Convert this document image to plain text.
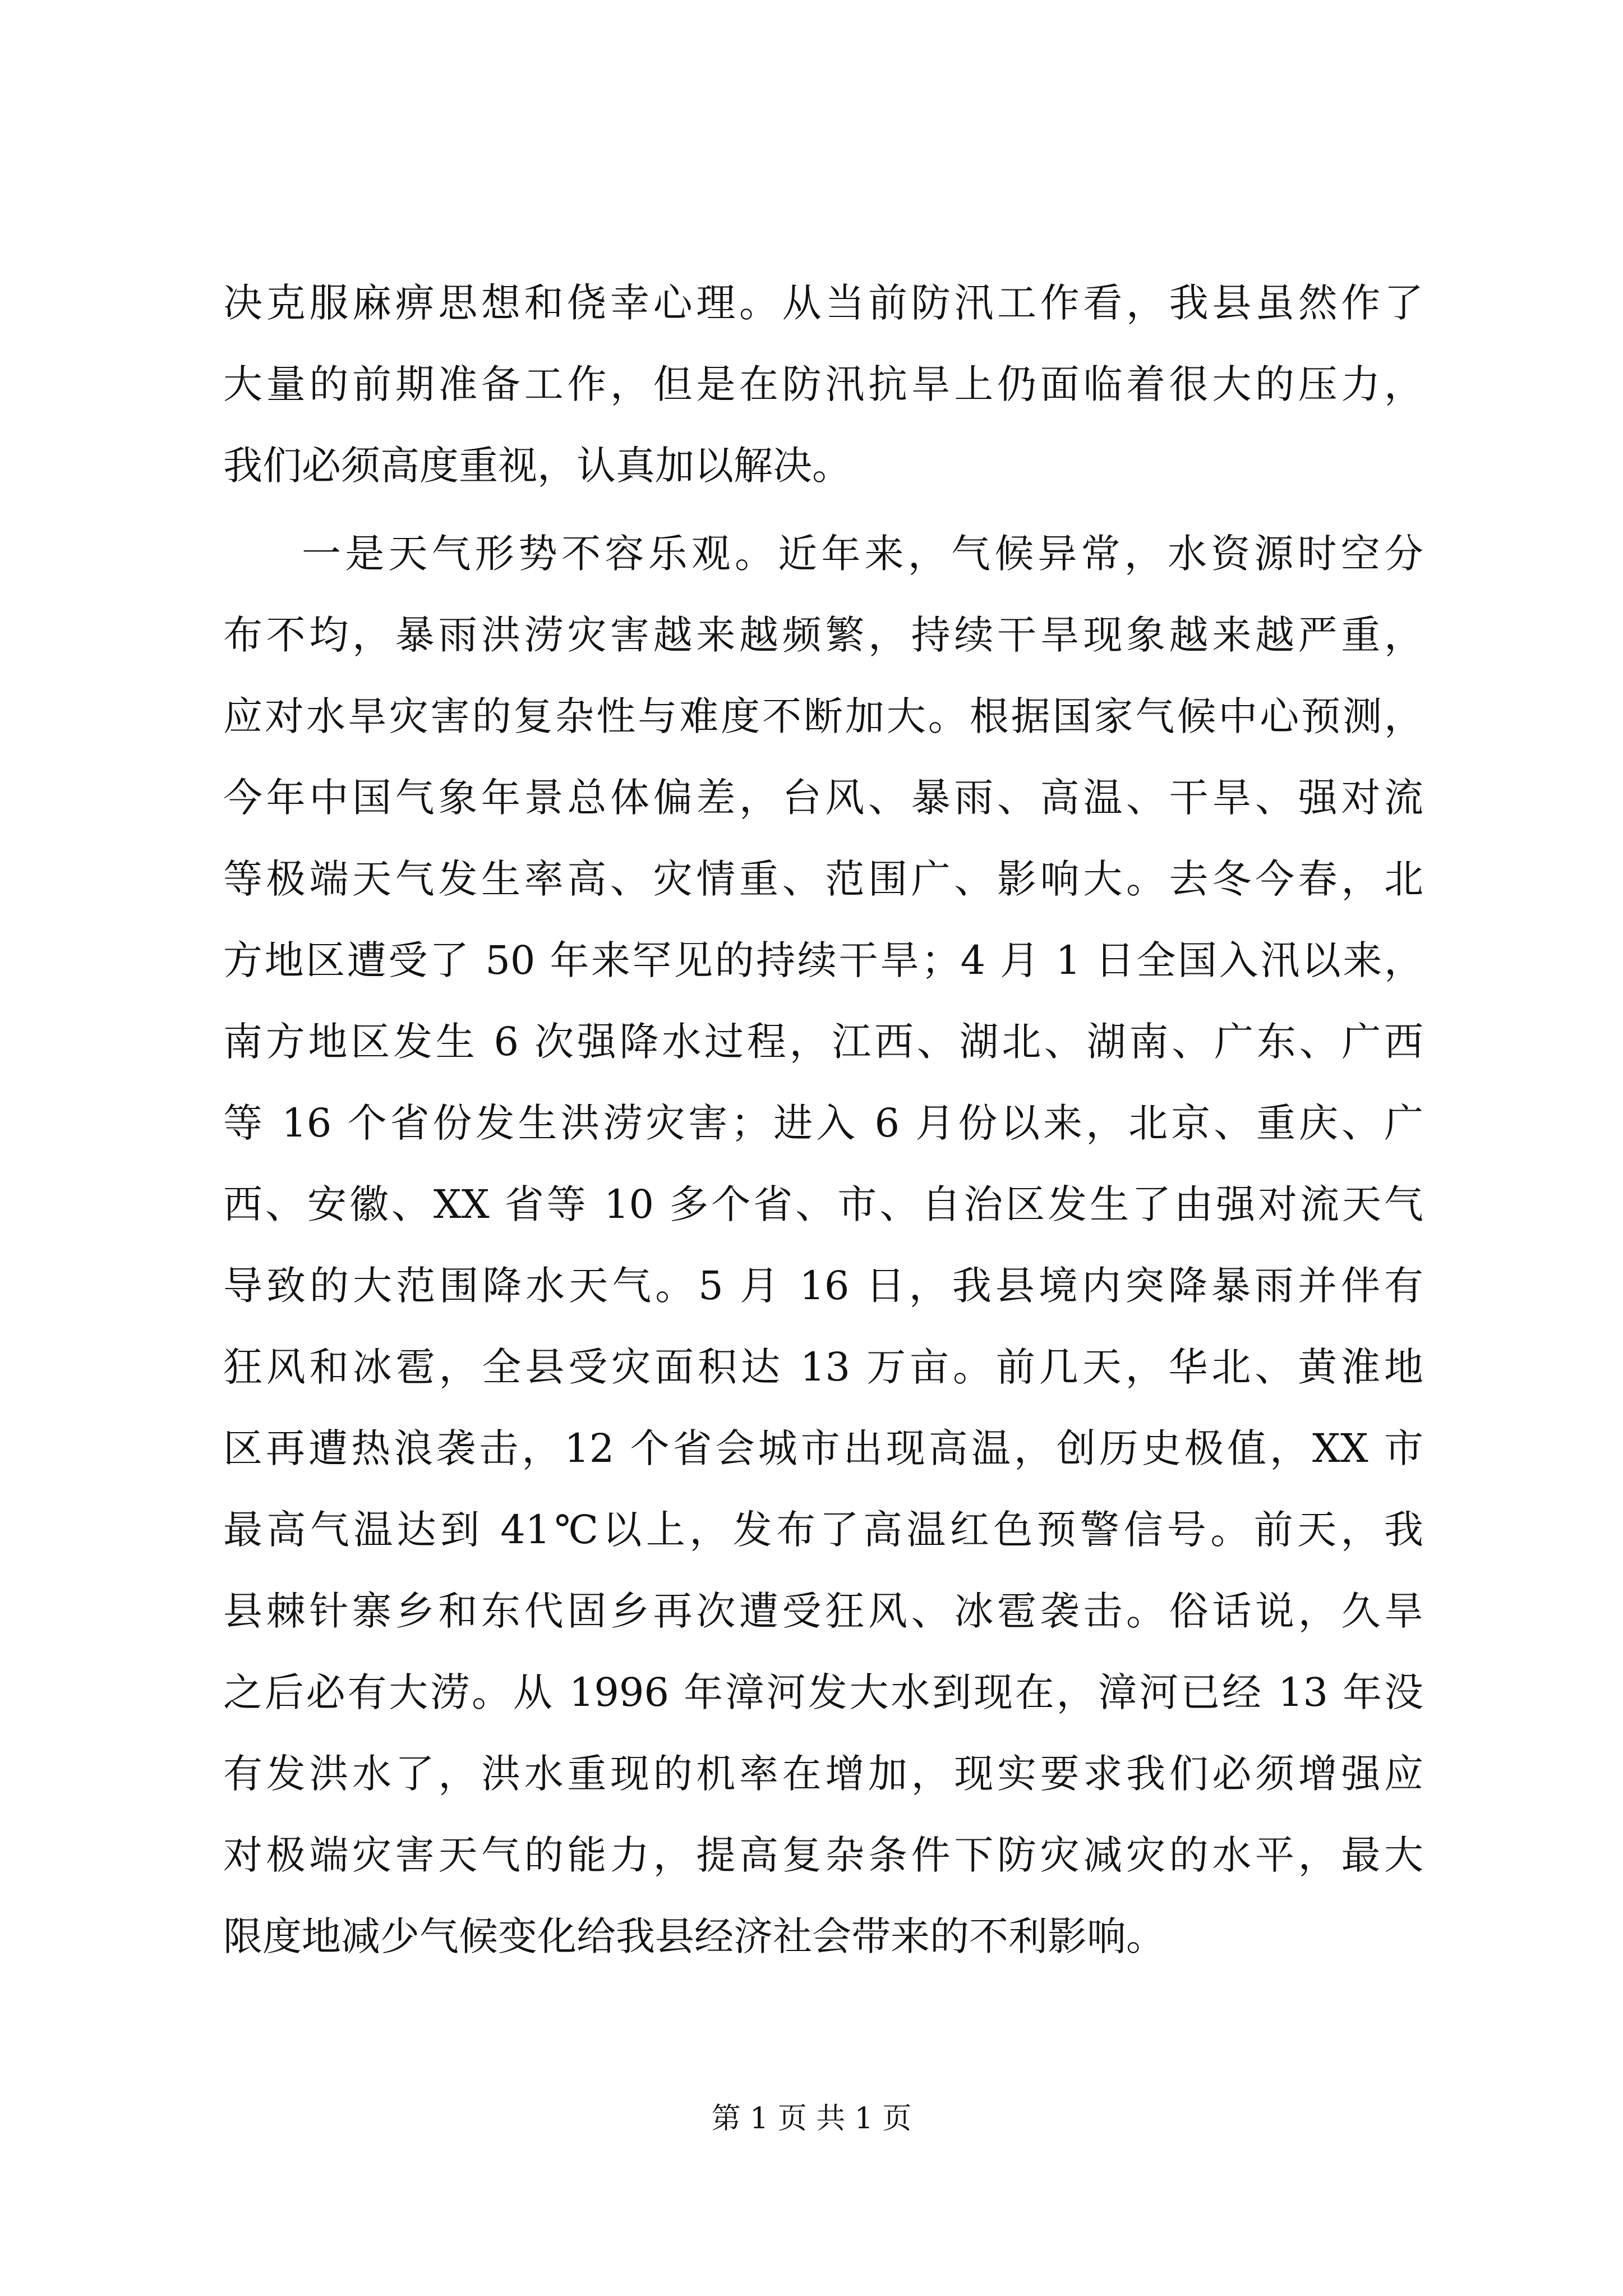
决克服麻痹思想和侥幸心理。从当前防汛工作看，我县虽然作了
大量的前期准备工作，但是在防汛抗旱上仍面临着很大的压力，
我们必须高度重视，认真加以解决。
一是天气形势不容乐观。近年来，气候异常，水资源时空分
布不均，暴雨洪涝灾害越来越频繁，持续干旱现象越来越严重，
应对水旱灾害的复杂性与难度不断加大。根据国家气候中心预测，
今年中国气象年景总体偏差，台风、暴雨、高温、干旱、强对流
等极端天气发生率高、灾情重、范围广、影响大。去冬今春，北
方地区遭受了 50 年来罕见的持续干旱；4 月 1 日全国入汛以来，
南方地区发生 6 次强降水过程，江西、湖北、湖南、广东、广西
等 16 个省份发生洪涝灾害；进入 6 月份以来，北京、重庆、广
西、安徽、XX 省等 10 多个省、市、自治区发生了由强对流天气
导致的大范围降水天气。5 月 16 日，我县境内突降暴雨并伴有
狂风和冰雹，全县受灾面积达 13 万亩。前几天，华北、黄淮地
区再遭热浪袭击，12 个省会城市出现高温，创历史极值，XX 市
最高气温达到 41℃以上，发布了高温红色预警信号。前天，我
县棘针寨乡和东代固乡再次遭受狂风、冰雹袭击。俗话说，久旱
之后必有大涝。从 1996 年漳河发大水到现在，漳河已经 13 年没
有发洪水了，洪水重现的机率在增加，现实要求我们必须增强应
对极端灾害天气的能力，提高复杂条件下防灾减灾的水平，最大
限度地减少气候变化给我县经济社会带来的不利影响。
第 1 页 共 1 页
